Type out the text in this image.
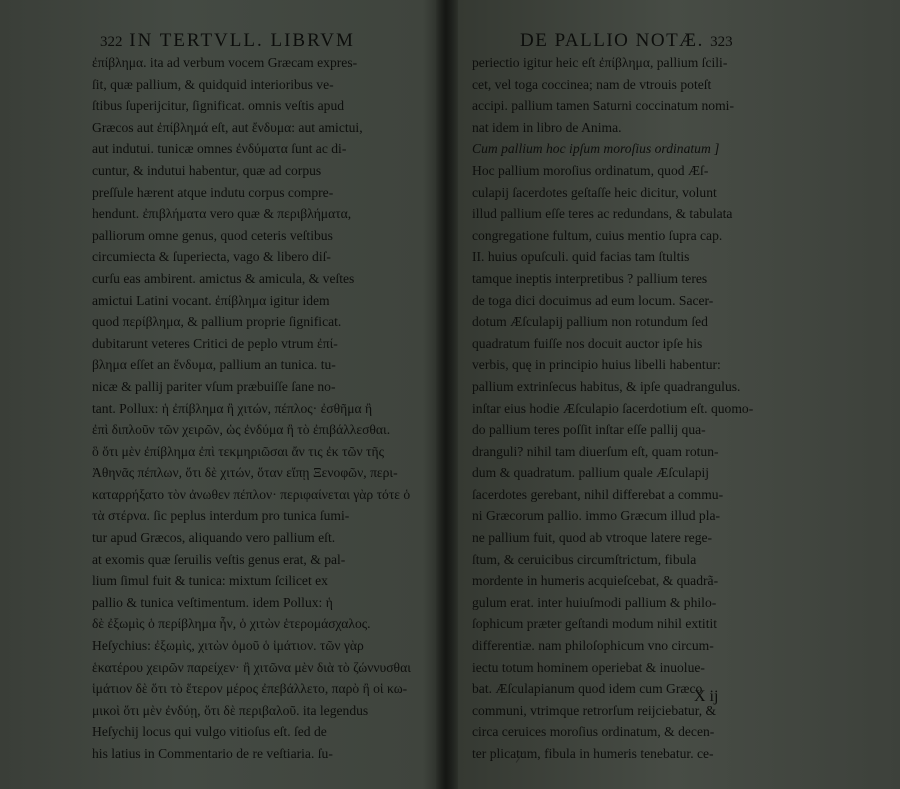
322 IN TERTVLL. LIBRVM
ἐπίβλημα. ita ad verbum vocem Græcam expres-
ſit, quæ pallium, & quidquid interioribus ve-
ſtibus ſuperijcitur, ſignificat. omnis veſtis apud
Græcos aut ἐπίβλημά eſt, aut ἔνδυμα: aut amictui,
aut indutui. tunicæ omnes ἐνδύματα ſunt ac di-
cuntur, & indutui habentur, quæ ad corpus
preſſule hærent atque indutu corpus compre-
hendunt. ἐπιβλήματα vero quæ & περιβλήματα,
palliorum omne genus, quod ceteris veſtibus
circumiecta & ſuperiecta, vago & libero diſ-
curſu eas ambirent. amictus & amicula, & veſtes
amictui Latini vocant. ἐπίβλημα igitur idem
quod περίβλημα, & pallium proprie ſignificat.
dubitarunt veteres Critici de peplo vtrum ἐπί-
βλημα eſſet an ἔνδυμα, pallium an tunica. tu-
nicæ & pallij pariter vſum præbuiſſe ſane no-
tant. Pollux: ἡ ἐπίβλημα ἢ χιτών, πέπλος· ἐσθῆμα ἢ
ἐπὶ διπλοῦν τῶν χειρῶν, ὡς ἐνδύμα ἢ τὸ ἐπιβάλλεσθαι.
ὃ ὅτι μὲν ἐπίβλημα ἐπὶ τεκμηριῶσαι ἄν τις ἐκ τῶν τῆς
Ἀθηνᾶς πέπλων, ὅτι δὲ χιτών, ὅταν εἴπῃ Ξενοφῶν, περι-
καταρρήξατο τὸν ἀνωθεν πέπλον· περιφαίνεται γὰρ τότε ὁ
τὰ στέρνα. ſic peplus interdum pro tunica ſumi-
tur apud Græcos, aliquando vero pallium eſt.
at exomis quæ ſeruilis veſtis genus erat, & pal-
lium ſimul fuit & tunica: mixtum ſcilicet ex
pallio & tunica veſtimentum. idem Pollux: ἡ
δὲ ἐξωμὶς ὁ περίβλημα ἦν, ὁ χιτὼν ἑτερομάσχαλος.
Heſychius: ἐξωμὶς, χιτὼν ὁμοῦ ὁ ἱμάτιον. τῶν γὰρ
ἑκατέρου χειρῶν παρείχεν· ἢ χιτῶνα μὲν διὰ τὸ ζώννυσθαι
ἱμάτιον δὲ ὅτι τὸ ἕτερον μέρος ἐπεβάλλετο, παρὸ ἢ οἱ κω-
μικοὶ ὅτι μὲν ἐνδύῃ, ὅτι δὲ περιβαλοῦ. ita legendus
Heſychij locus qui vulgo vitioſus eſt. ſed de
his latius in Commentario de re veſtiaria. ſu-
DE PALLIO NOTÆ. 323
periectio igitur heic eſt ἐπίβλημα, pallium ſcili-
cet, vel toga coccinea; nam de vtrouis poteſt
accipi. pallium tamen Saturni coccinatum nomi-
nat idem in libro de Anima.
Cum pallium hoc ipſum moroſius ordinatum ]
Hoc pallium moroſius ordinatum, quod Æſ-
culapij ſacerdotes geſtaſſe heic dicitur, volunt
illud pallium eſſe teres ac redundans, & tabulata
congregatione fultum, cuius mentio ſupra cap.
II. huius opuſculi. quid facias tam ſtultis
tamque ineptis interpretibus ? pallium teres
de toga dici docuimus ad eum locum. Sacer-
dotum Æſculapij pallium non rotundum ſed
quadratum fuiſſe nos docuit auctor ipſe his
verbis, quę in principio huius libelli habentur:
pallium extrinſecus habitus, & ipſe quadrangulus.
inſtar eius hodie Æſculapio ſacerdotium eſt. quomo-
do pallium teres poſſit inſtar eſſe pallij qua-
dranguli? nihil tam diuerſum eſt, quam rotun-
dum & quadratum. pallium quale Æſculapij
ſacerdotes gerebant, nihil differebat a commu-
ni Græcorum pallio. immo Græcum illud pla-
ne pallium fuit, quod ab vtroque latere rege-
ſtum, & ceruicibus circumſtrictum, fibula
mordente in humeris acquieſcebat, & quadrã-
gulum erat. inter huiuſmodi pallium & philo-
ſophicum præter geſtandi modum nihil extitit
differentiæ. nam philoſophicum vno circum-
iectu totum hominem operiebat & inuolue-
bat. Æſculapianum quod idem cum Græco
communi, vtrimque retrorſum reijciebatur, &
circa ceruices moroſius ordinatum, & decen-
ter plicatum, fibula in humeris tenebatur. ce-
X ij
